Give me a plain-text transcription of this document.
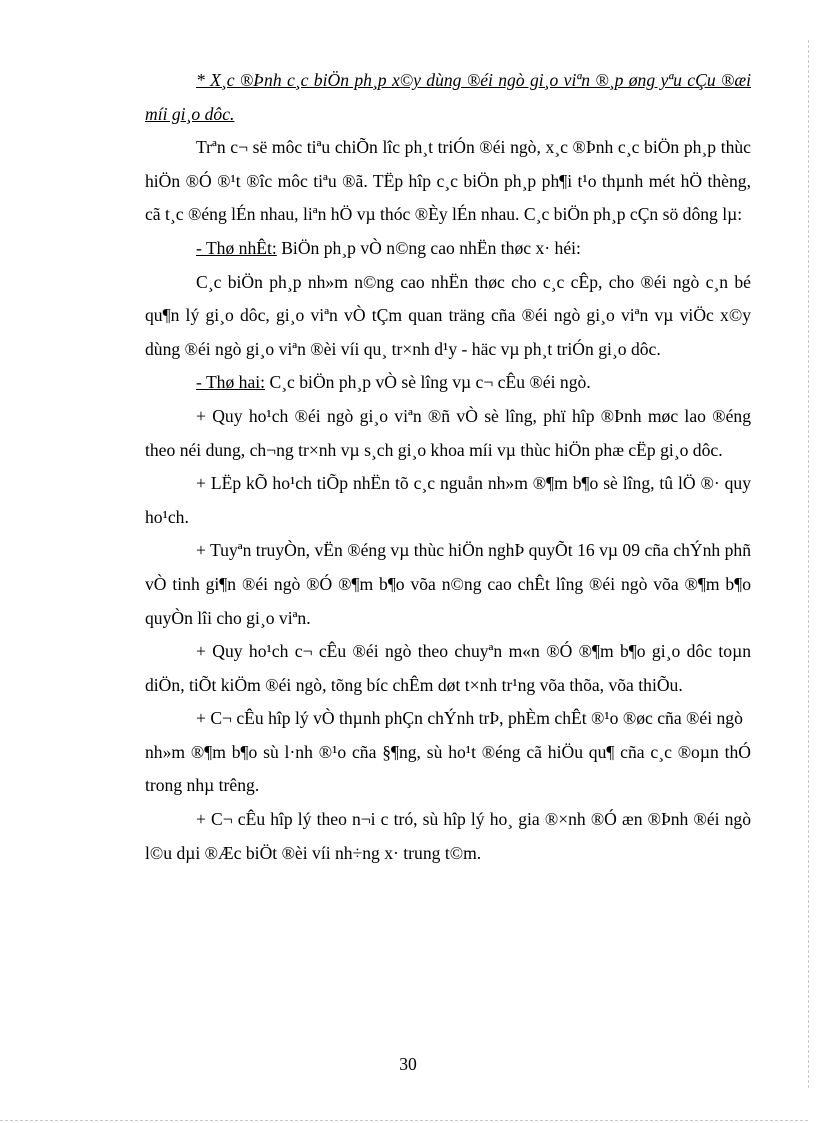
* X¸c ®Þnh c¸c biÖn ph¸p x©y dùng ®éi ngò gi¸o viªn ®¸p øng yªu cÇu ®æi míi gi¸o dôc.

Trªn c¬ së môc tiªu chiÕn lîc ph¸t triÓn ®éi ngò, x¸c ®Þnh c¸c biÖn ph¸p thùc hiÖn ®Ó ®¹t ®îc môc tiªu ®ã. TËp hîp c¸c biÖn ph¸p ph¶i t¹o thµnh mét hÖ thèng, cã t¸c ®éng lÉn nhau, liªn hÖ vµ thóc ®Èy lÉn nhau. C¸c biÖn ph¸p cÇn sö dông lµ:

- Thø nhÊt: BiÖn ph¸p vÒ n©ng cao nhËn thøc x· héi:

C¸c biÖn ph¸p nh»m n©ng cao nhËn thøc cho c¸c cÊp, cho ®éi ngò c¸n bé qu¶n lý gi¸o dôc, gi¸o viªn vÒ tÇm quan träng cña ®éi ngò gi¸o viªn vµ viÖc x©y dùng ®éi ngò gi¸o viªn ®èi víi qu¸ tr×nh d¹y - häc vµ ph¸t triÓn gi¸o dôc.

- Thø hai: C¸c biÖn ph¸p vÒ sè lîng vµ c¬ cÊu ®éi ngò.

+ Quy ho¹ch ®éi ngò gi¸o viªn ®ñ vÒ sè lîng, phï hîp ®Þnh møc lao ®éng theo néi dung, ch¬ng tr×nh vµ s¸ch gi¸o khoa míi vµ thùc hiÖn phæ cËp gi¸o dôc.

+ LËp kÕ ho¹ch tiÕp nhËn tõ c¸c nguån nh»m ®¶m b¶o sè lîng, tû lÖ ®· quy ho¹ch.

+ Tuyªn truyÒn, vËn ®éng vµ thùc hiÖn nghÞ quyÕt 16 vµ 09 cña chÝnh phñ vÒ tinh gi¶n ®éi ngò ®Ó ®¶m b¶o võa n©ng cao chÊt lîng ®éi ngò võa ®¶m b¶o quyÒn lîi cho gi¸o viªn.

+ Quy ho¹ch c¬ cÊu ®éi ngò theo chuyªn m«n ®Ó ®¶m b¶o gi¸o dôc toµn diÖn, tiÕt kiÖm ®éi ngò, tõng bíc chÊm døt t×nh tr¹ng võa thõa, võa thiÕu.

+ C¬ cÊu hîp lý vÒ thµnh phÇn chÝnh trÞ, phÈm chÊt ®¹o ®øc cña ®éi ngò

nh»m ®¶m b¶o sù l·nh ®¹o cña §¶ng, sù ho¹t ®éng cã hiÖu qu¶ cña c¸c ®oµn thÓ trong nhµ trêng.

+ C¬ cÊu hîp lý theo n¬i c tró, sù hîp lý ho¸ gia ®×nh ®Ó æn ®Þnh ®éi ngò l©u dµi ®Æc biÖt ®èi víi nh÷ng x· trung t©m.

30
